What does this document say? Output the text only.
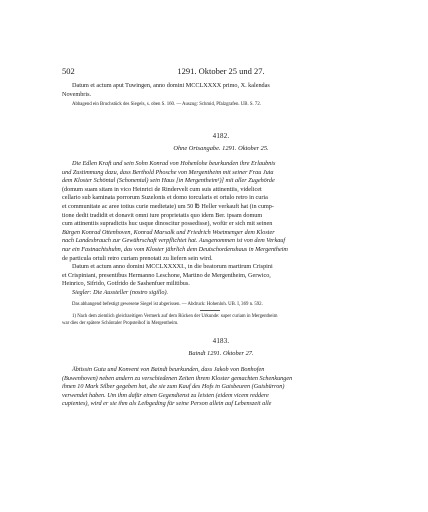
502	1291. Oktober 25 und 27.

Datum et actum aput Tuwingen, anno domini MCCLXXXX primo, X. kalendas

Novembris.

Abbagend ein Bruchstück des Siegels, s. oben S. 160. — Auszug: Schmid, Pfalzgrafen. UB. S. 72.

4182.
Ohne Ortsangabe. 1291. Oktober 25.

Die Edlen Kraft und sein Sohn Konrad von Hohenlohe beurkunden ihre Erlaubnis

und Zustimmung dazu, dass Berthold Phosche von Mergentheim mit seiner Frau Juta

dem Kloster Schöntal (Schonental) sein Haus [in Mergentheim¹)] mit aller Zugehörde

(domum suam sitam in vico Heinrici de Rindervelt cum suis attinentiis, videlicet

cellario sub kaminata porrorum Suzelonis et domo torcularis et ortulo retro in curia

et communitate ac aree totius curie medietate) um 50 ℔ Heller verkauft hat (in cump-

tione dedit tradidit et donavit omni iure proprietatis quo idem Ber. ipsam domum

cum attinentiis supradictis huc usque dinoscitur possedisse), wofür er sich mit seinen

Bürgen Konrad Ottenhoven, Konrad Marsalk und Friedrich Woetmenger dem Kloster

nach Landesbrauch zur Gewährschaft verpflichtet hat. Ausgenommen ist von dem Verkauf

nur ein Fastnachtshuhn, das vom Kloster jährlich dem Deutschordenshaus in Mergentheim

de particula ortuli retro curiam prenotati zu liefern sein wird.

Datum et actum anno domini MCCLXXXXI., in die beatorum martirum Crispini

et Crispiniani, presentibus Hermanno Leschone, Martino de Mergentheim, Gerwico,

Heinrico, Sifrido, Gotfrido de Sashenfuer militibus.

Siegler: Die Aussteller (nostro sigillo).

Das abhangend befestigt gewesene Siegel ist abgerissen. — Abdruck: Hohenloh. UB. I, 369 n. 592.

1) Nach dem ziemlich gleichzeitigen Vermerk auf dem Rücken der Urkunde: super curiam in Mergentheim

war dies der spätere Schöntaler Propsteihof in Mergentheim.

4183.
Baindt 1291. Oktober 27.

Äbtissin Guta und Konvent von Baindt beurkunden, dass Jakob von Bonhofen

(Buwenhoven) neben andern zu verschiedenen Zeiten ihrem Kloster gemachten Schenkungen

ihnen 10 Mark Silber gegeben hat, die sie zum Kauf des Hofs in Gaisbeuren (Guisbürron)

verwendet haben. Um ihm dafür einen Gegendienst zu leisten (eidem vicem reddere

cupientes), wird er sie ihm als Leibgeding für seine Person allein auf Lebenszeit alle
